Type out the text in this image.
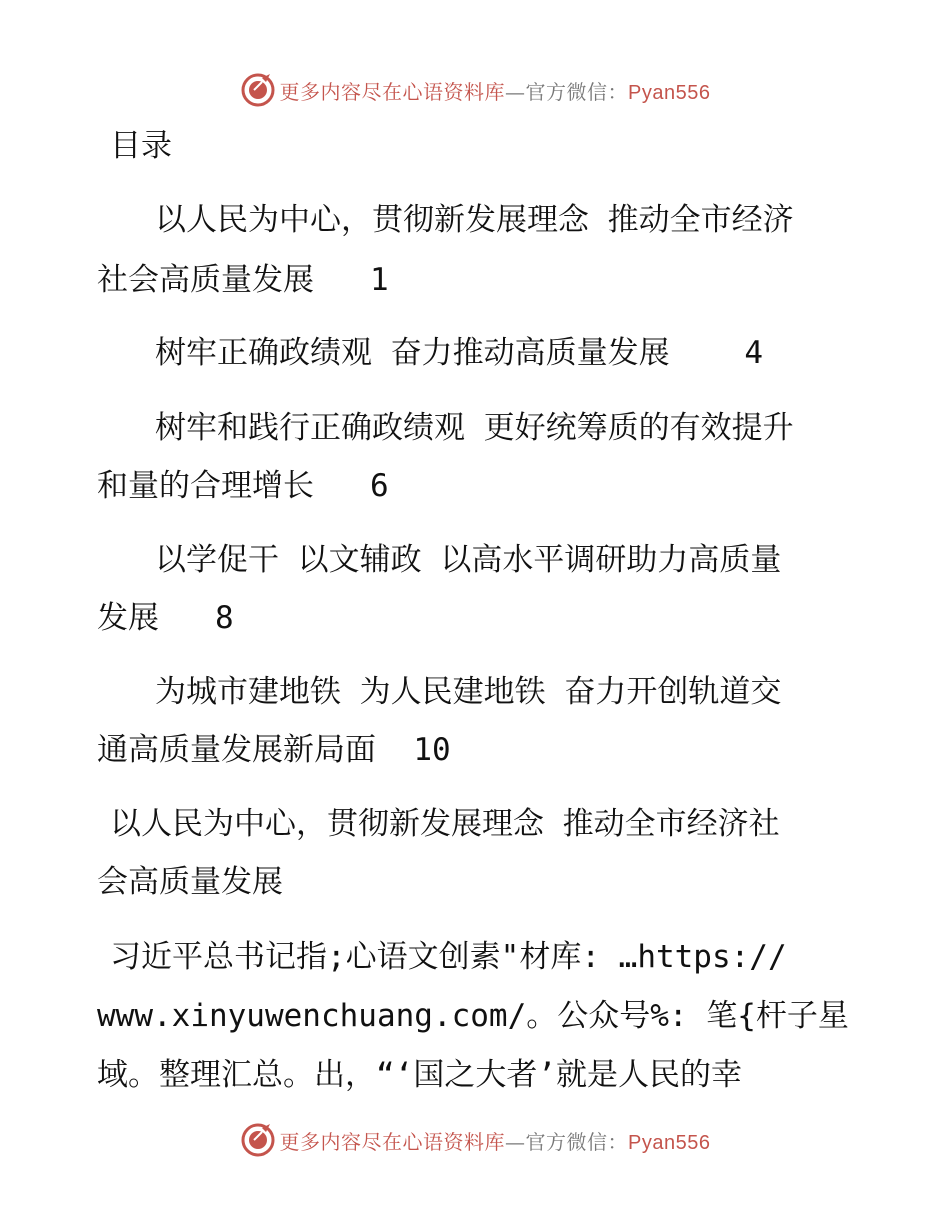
更多内容尽在心语资料库—官方微信：Pyan556
目录
以人民为中心，贯彻新发展理念 推动全市经济
社会高质量发展   1
树牢正确政绩观 奋力推动高质量发展    4
树牢和践行正确政绩观 更好统筹质的有效提升
和量的合理增长   6
以学促干 以文辅政 以高水平调研助力高质量
发展   8
为城市建地铁 为人民建地铁 奋力开创轨道交
通高质量发展新局面  10
以人民为中心，贯彻新发展理念 推动全市经济社
会高质量发展
习近平总书记指;心语文创素"材库: …https://
www.xinyuwenchuang.com/。公众号%: 笔{杆子星
域。整理汇总。出，“‘国之大者’就是人民的幸
更多内容尽在心语资料库—官方微信：Pyan556
